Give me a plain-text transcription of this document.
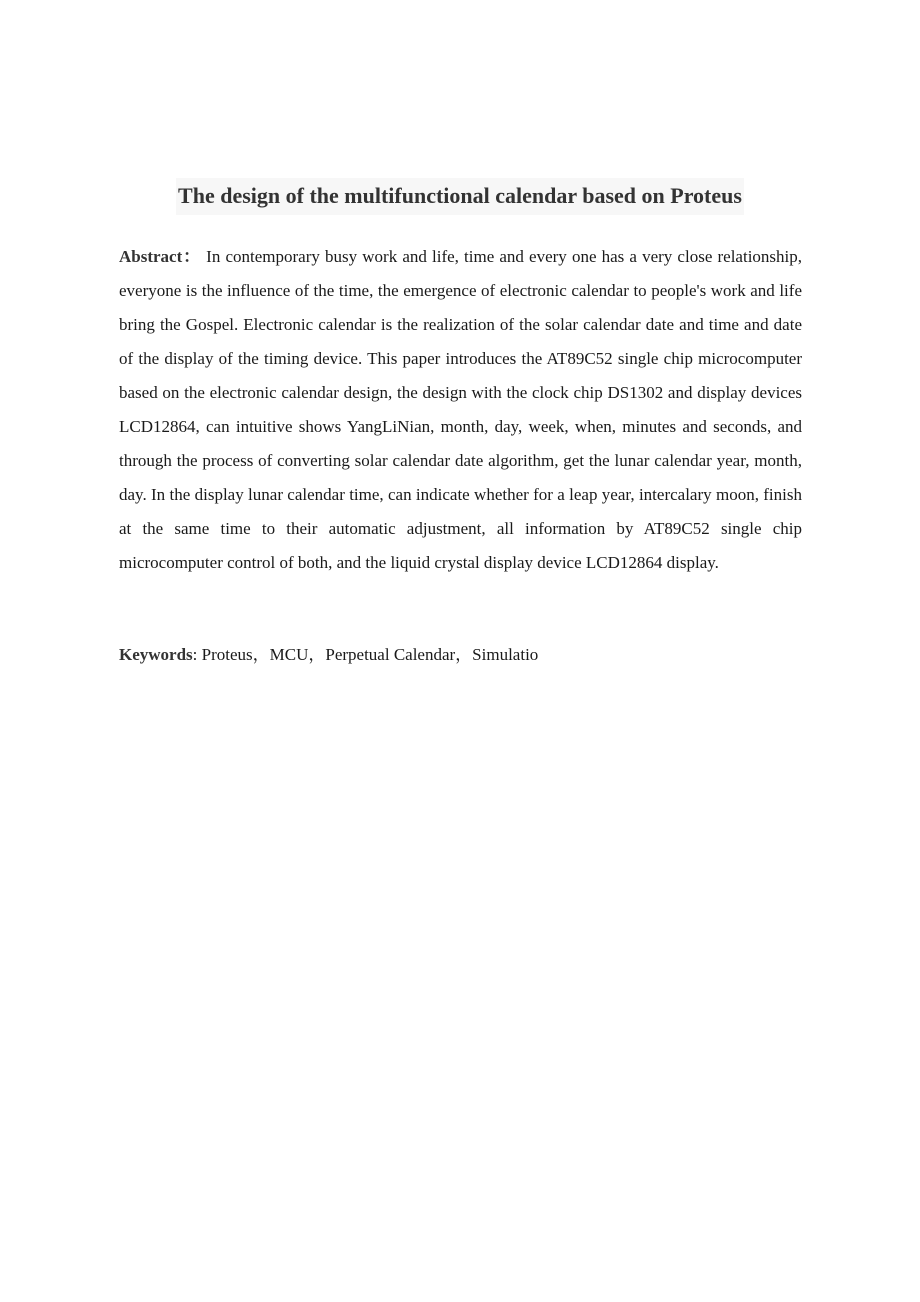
The design of the multifunctional calendar based on Proteus
Abstract： In contemporary busy work and life, time and every one has a very close relationship, everyone is the influence of the time, the emergence of electronic calendar to people's work and life bring the Gospel. Electronic calendar is the realization of the solar calendar date and time and date of the display of the timing device. This paper introduces the AT89C52 single chip microcomputer based on the electronic calendar design, the design with the clock chip DS1302 and display devices LCD12864, can intuitive shows YangLiNian, month, day, week, when, minutes and seconds, and through the process of converting solar calendar date algorithm, get the lunar calendar year, month, day. In the display lunar calendar time, can indicate whether for a leap year, intercalary moon, finish at the same time to their automatic adjustment, all information by AT89C52 single chip microcomputer control of both, and the liquid crystal display device LCD12864 display.
Keywords: Proteus，MCU，Perpetual Calendar，Simulatio
